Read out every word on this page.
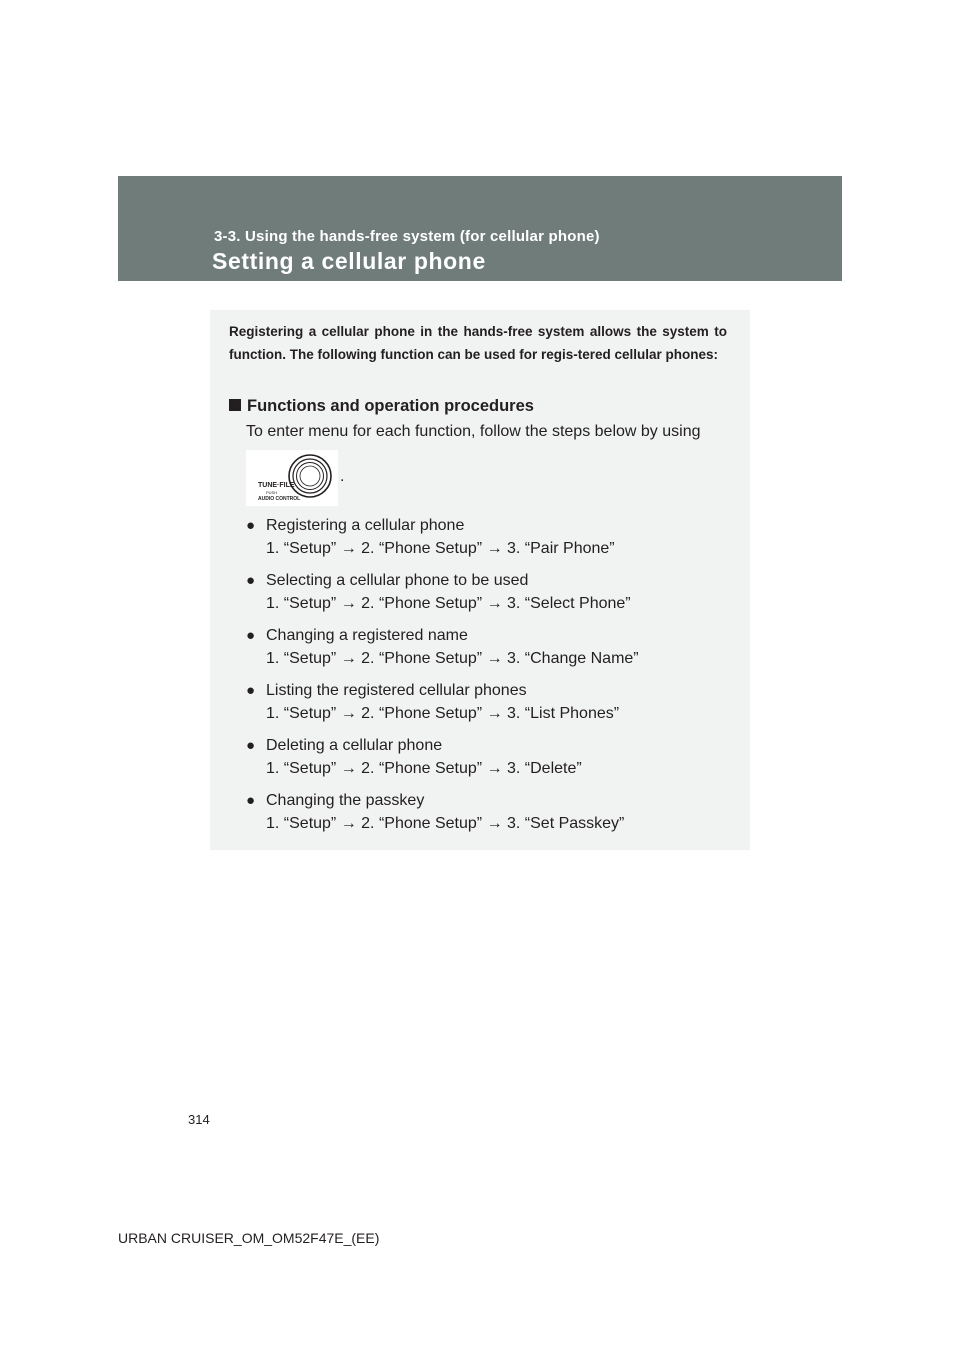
3-3. Using the hands-free system (for cellular phone)
Setting a cellular phone
Registering a cellular phone in the hands-free system allows the system to function. The following function can be used for regis-tered cellular phones:
Functions and operation procedures
To enter menu for each function, follow the steps below by using
TUNE·FILE
PUSH
AUDIO CONTROL
.
● Registering a cellular phone
1. “Setup” → 2. “Phone Setup” → 3. “Pair Phone”
● Selecting a cellular phone to be used
1. “Setup” → 2. “Phone Setup” → 3. “Select Phone”
● Changing a registered name
1. “Setup” → 2. “Phone Setup” → 3. “Change Name”
● Listing the registered cellular phones
1. “Setup” → 2. “Phone Setup” → 3. “List Phones”
● Deleting a cellular phone
1. “Setup” → 2. “Phone Setup” → 3. “Delete”
● Changing the passkey
1. “Setup” → 2. “Phone Setup” → 3. “Set Passkey”
314
URBAN CRUISER_OM_OM52F47E_(EE)
